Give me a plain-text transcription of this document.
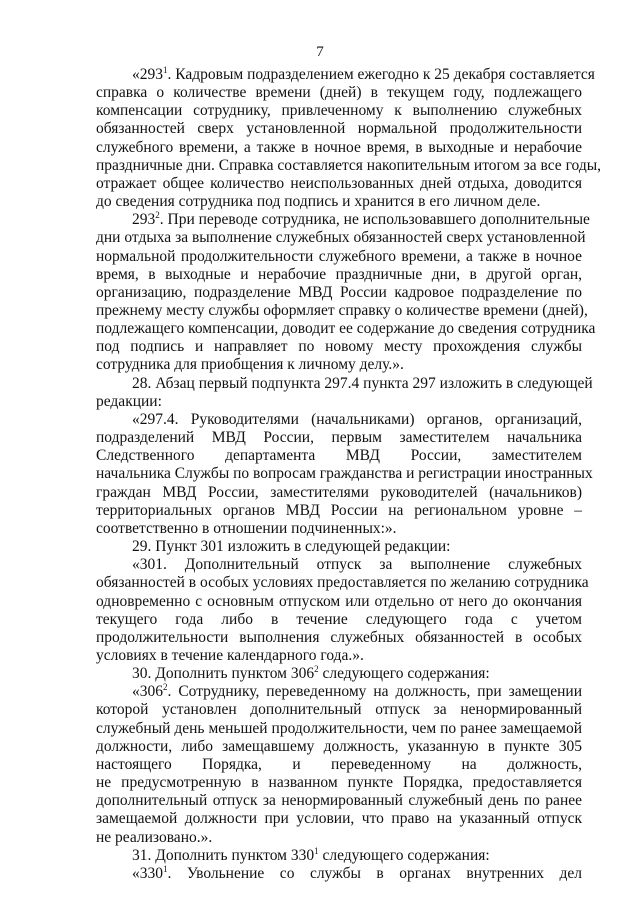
7
«$293^1$. Кадровым подразделением ежегодно к 25 декабря составляется
справка о количестве времени (дней) в текущем году, подлежащего
компенсации сотруднику, привлеченному к выполнению служебных
обязанностей сверх установленной нормальной продолжительности
служебного времени, а также в ночное время, в выходные и нерабочие
праздничные дни. Справка составляется накопительным итогом за все годы,
отражает общее количество неиспользованных дней отдыха, доводится
до сведения сотрудника под подпись и хранится в его личном деле.
$293^2$. При переводе сотрудника, не использовавшего дополнительные
дни отдыха за выполнение служебных обязанностей сверх установленной
нормальной продолжительности служебного времени, а также в ночное
время, в выходные и нерабочие праздничные дни, в другой орган,
организацию, подразделение МВД России кадровое подразделение по
прежнему месту службы оформляет справку о количестве времени (дней),
подлежащего компенсации, доводит ее содержание до сведения сотрудника
под подпись и направляет по новому месту прохождения службы
сотрудника для приобщения к личному делу.».
28. Абзац первый подпункта 297.4 пункта 297 изложить в следующей
редакции:
«297.4. Руководителями (начальниками) органов, организаций,
подразделений МВД России, первым заместителем начальника
Следственного департамента МВД России, заместителем
начальника Службы по вопросам гражданства и регистрации иностранных
граждан МВД России, заместителями руководителей (начальников)
территориальных органов МВД России на региональном уровне –
соответственно в отношении подчиненных:».
29. Пункт 301 изложить в следующей редакции:
«301. Дополнительный отпуск за выполнение служебных
обязанностей в особых условиях предоставляется по желанию сотрудника
одновременно с основным отпуском или отдельно от него до окончания
текущего года либо в течение следующего года с учетом
продолжительности выполнения служебных обязанностей в особых
условиях в течение календарного года.».
30. Дополнить пунктом $306^2$ следующего содержания:
«$306^2$. Сотруднику, переведенному на должность, при замещении
которой установлен дополнительный отпуск за ненормированный
служебный день меньшей продолжительности, чем по ранее замещаемой
должности, либо замещавшему должность, указанную в пункте 305
настоящего Порядка, и переведенному на должность,
не предусмотренную в названном пункте Порядка, предоставляется
дополнительный отпуск за ненормированный служебный день по ранее
замещаемой должности при условии, что право на указанный отпуск
не реализовано.».
31. Дополнить пунктом $330^1$ следующего содержания:
«$330^1$. Увольнение со службы в органах внутренних дел
